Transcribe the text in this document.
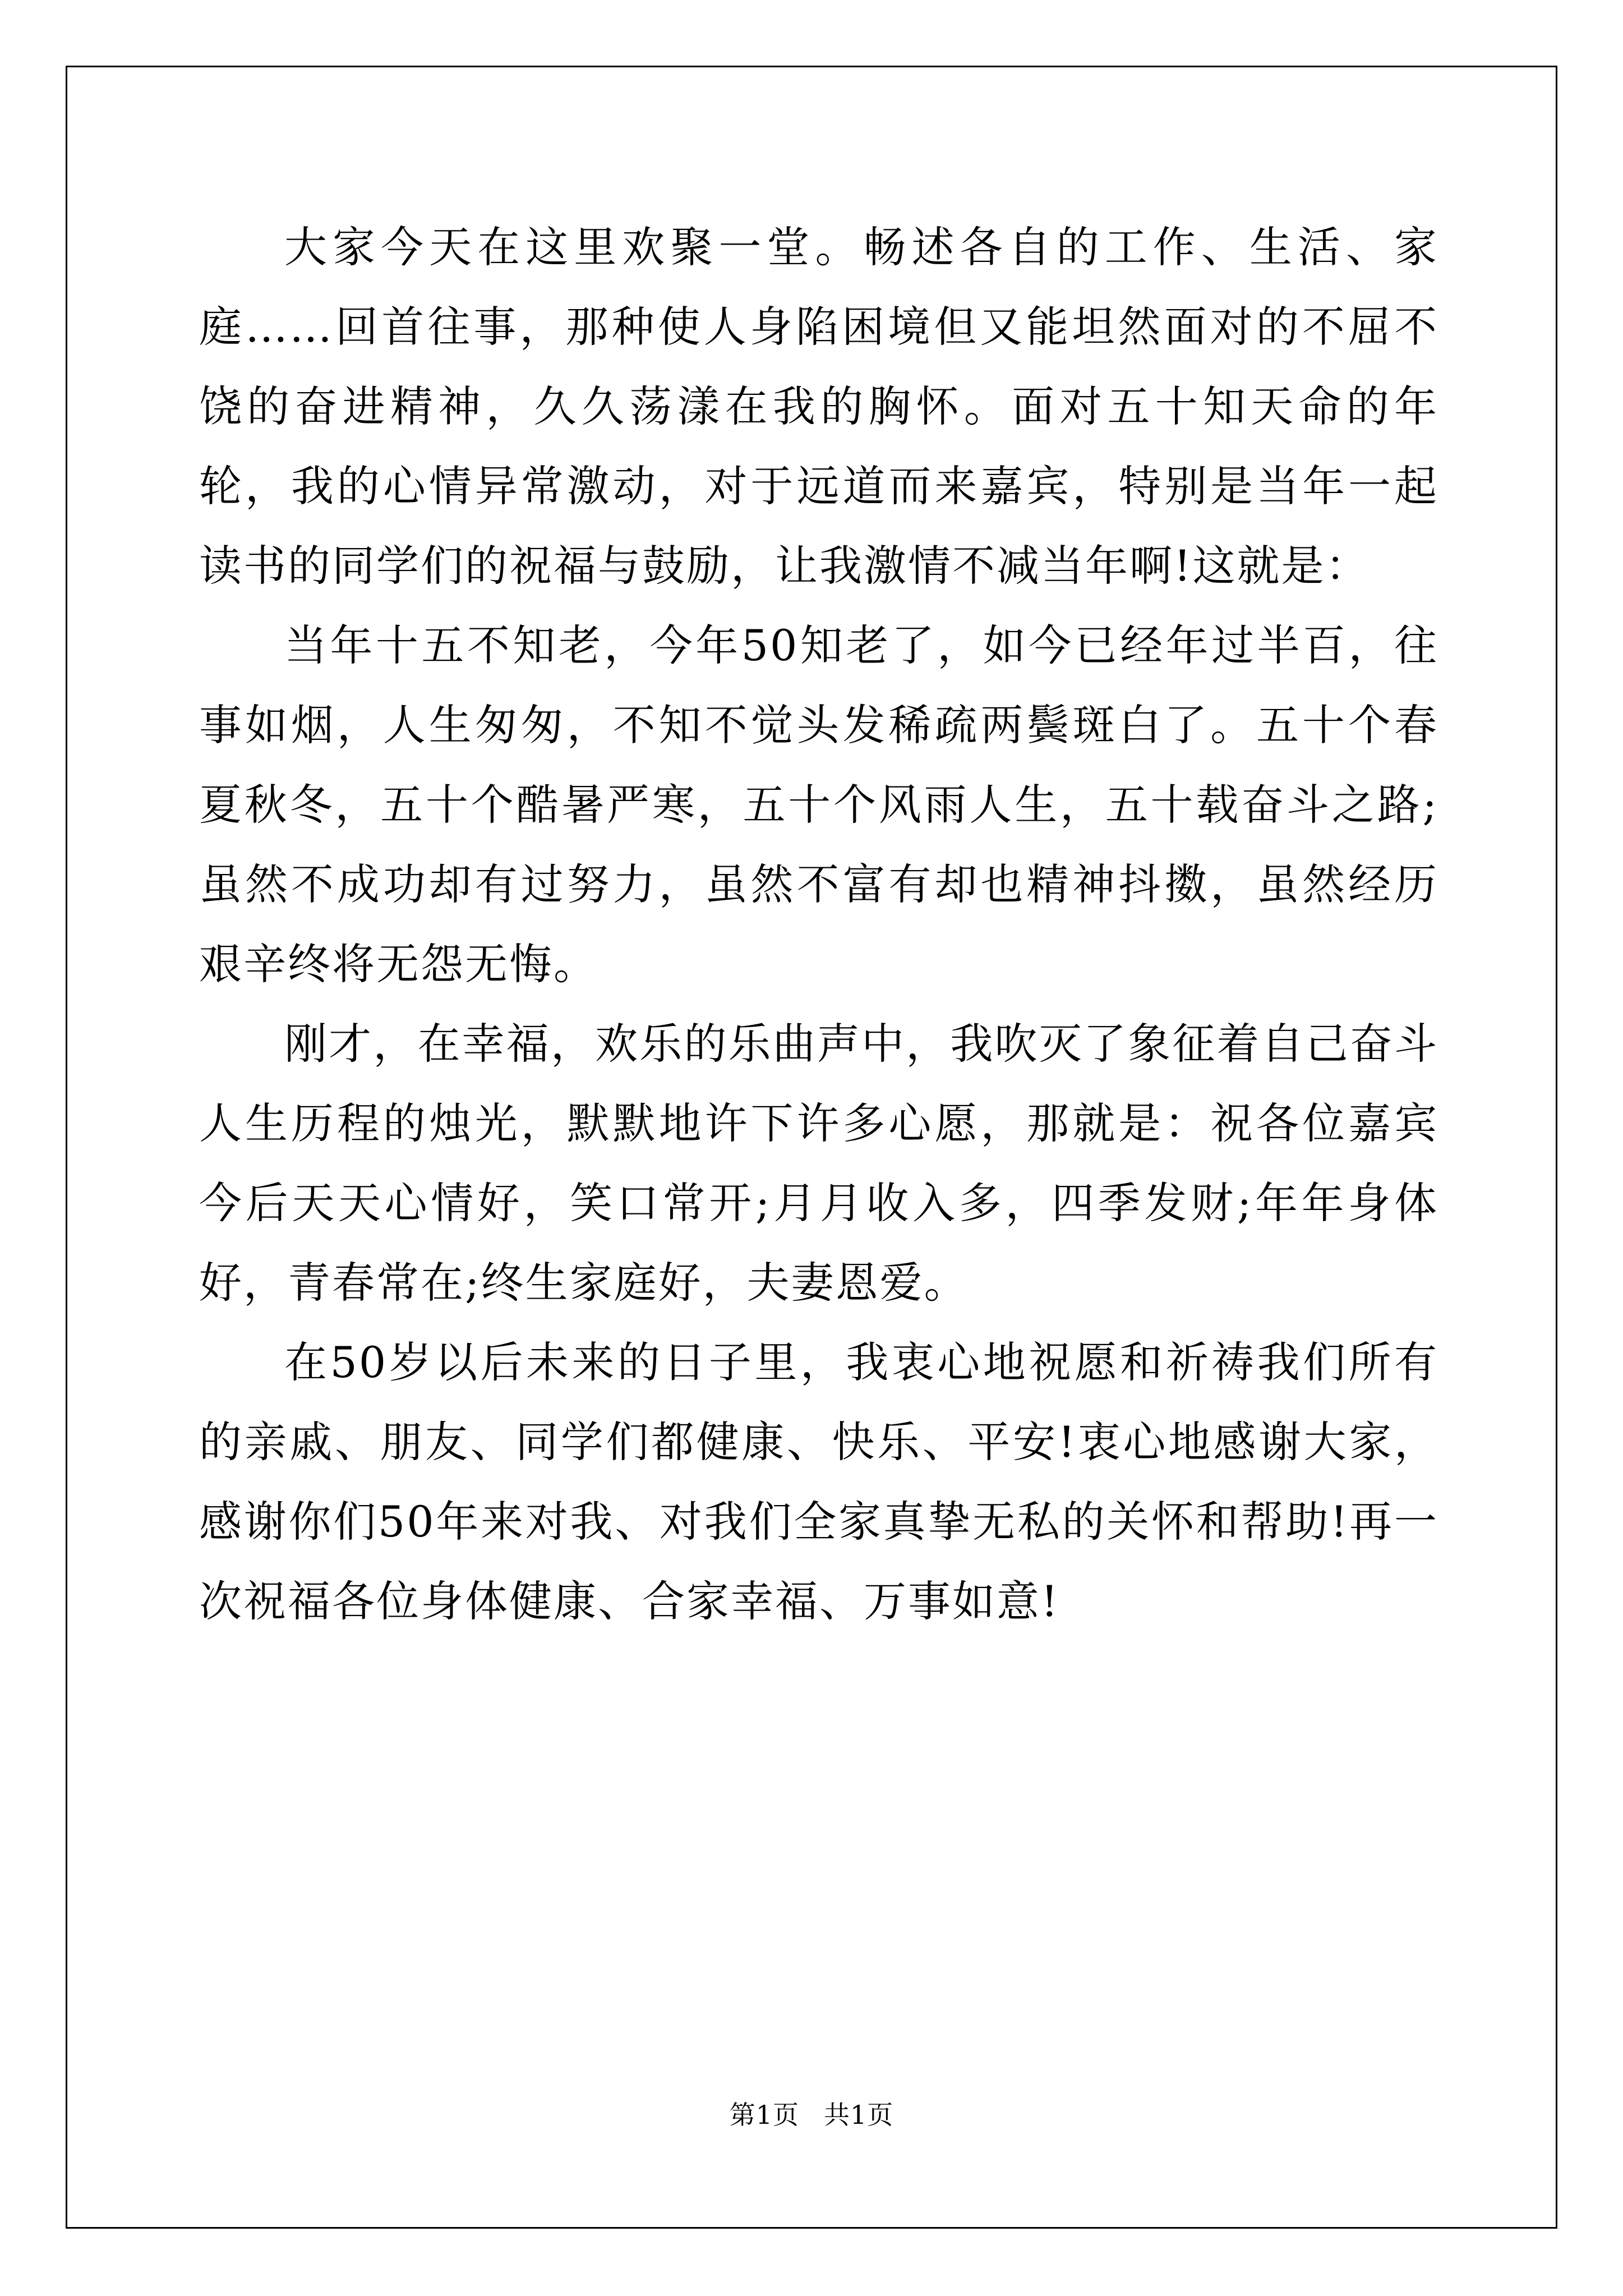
大家今天在这里欢聚一堂。畅述各自的工作、生活、家庭……回首往事，那种使人身陷困境但又能坦然面对的不屈不饶的奋进精神，久久荡漾在我的胸怀。面对五十知天命的年轮，我的心情异常激动，对于远道而来嘉宾，特别是当年一起读书的同学们的祝福与鼓励，让我激情不减当年啊!这就是：

当年十五不知老，今年50知老了，如今已经年过半百，往事如烟，人生匆匆，不知不觉头发稀疏两鬓斑白了。五十个春夏秋冬，五十个酷暑严寒，五十个风雨人生，五十载奋斗之路;虽然不成功却有过努力，虽然不富有却也精神抖擞，虽然经历艰辛终将无怨无悔。

刚才，在幸福，欢乐的乐曲声中，我吹灭了象征着自己奋斗人生历程的烛光，默默地许下许多心愿，那就是：祝各位嘉宾今后天天心情好，笑口常开;月月收入多，四季发财;年年身体好，青春常在;终生家庭好，夫妻恩爱。

在50岁以后未来的日子里，我衷心地祝愿和祈祷我们所有的亲戚、朋友、同学们都健康、快乐、平安!衷心地感谢大家，感谢你们50年来对我、对我们全家真挚无私的关怀和帮助!再一次祝福各位身体健康、合家幸福、万事如意!

第1页 共1页
